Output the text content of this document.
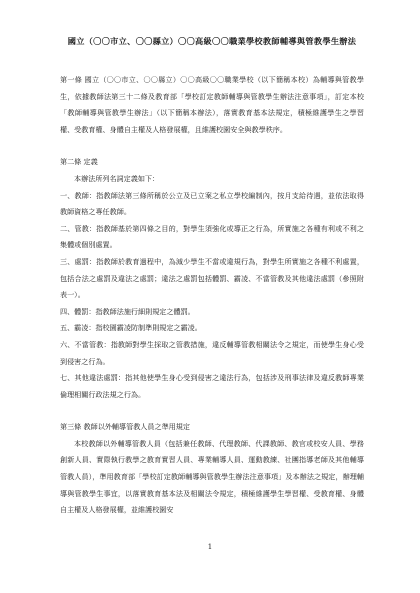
國立（〇〇市立、〇〇縣立）〇〇高級〇〇職業學校教師輔導與管教學生辦法

第一條 國立（〇〇市立、〇〇縣立）〇〇高級〇〇職業學校（以下簡稱本校）為輔導與管教學生，依據教師法第三十二條及教育部「學校訂定教師輔導與管教學生辦法注意事項」，訂定本校「教師輔導與管教學生辦法」（以下簡稱本辦法），落實教育基本法規定，積極維護學生之學習權、受教育權、身體自主權及人格發展權，且維護校園安全與教學秩序。

第二條 定義

本辦法所列名詞定義如下：

一、教師：指教師法第三條所稱於公立及已立案之私立學校編制內，按月支給待遇，並依法取得教師資格之專任教師。

二、管教：指教師基於第四條之目的，對學生須強化或導正之行為，所實施之各種有利或不利之集體或個別處置。

三、處罰：指教師於教育過程中，為減少學生不當或違規行為，對學生所實施之各種不利處置，包括合法之處罰及違法之處罰；違法之處罰包括體罰、霸凌、不當管教及其他違法處罰（參照附表一）。

四、體罰：指教師法施行細則規定之體罰。

五、霸凌：指校園霸凌防制準則規定之霸凌。

六、不當管教：指教師對學生採取之管教措施，違反輔導管教相關法令之規定，而使學生身心受到侵害之行為。

七、其他違法處罰：指其他使學生身心受到侵害之違法行為，包括涉及刑事法律及違反教師專業倫理相關行政法規之行為。

第三條 教師以外輔導管教人員之準用規定

本校教師以外輔導管教人員（包括兼任教師、代理教師、代課教師、教官或校安人員、學務創新人員、實際執行教學之教育實習人員、專業輔導人員、運動教練、社團指導老師及其他輔導管教人員），準用教育部「學校訂定教師輔導與管教學生辦法注意事項」及本辦法之規定，辦理輔導與管教學生事宜，以落實教育基本法及相關法令規定，積極維護學生學習權、受教育權、身體自主權及人格發展權，並維護校園安

1
